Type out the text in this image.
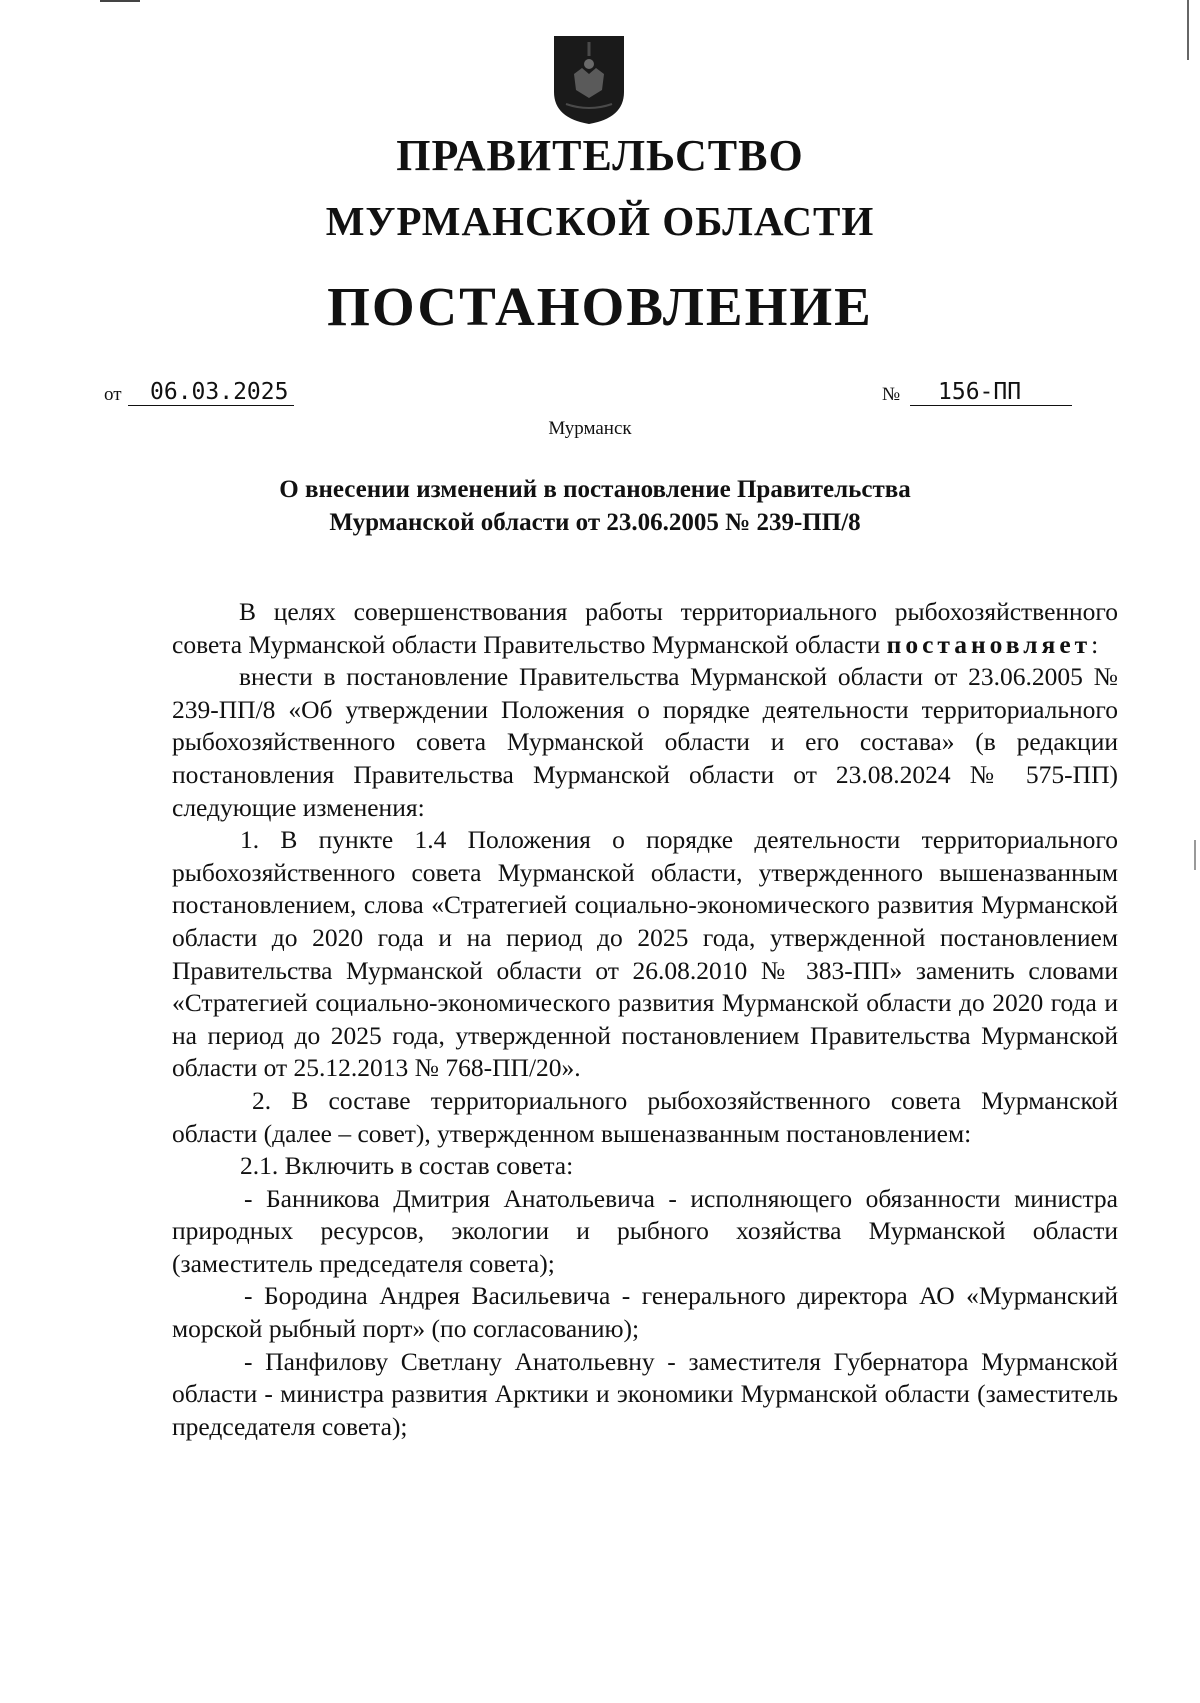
ПРАВИТЕЛЬСТВО
МУРМАНСКОЙ ОБЛАСТИ
ПОСТАНОВЛЕНИЕ
от	06.03.2025	№	156-ПП
Мурманск
О внесении изменений в постановление Правительства
Мурманской области от 23.06.2005 № 239-ПП/8

В целях совершенствования работы территориального рыбохозяйственного совета Мурманской области Правительство Мурманской области постановляет:

внести в постановление Правительства Мурманской области от 23.06.2005 № 239-ПП/8 «Об утверждении Положения о порядке деятельности территориального рыбохозяйственного совета Мурманской области и его состава» (в редакции постановления Правительства Мурманской области от 23.08.2024 № 575-ПП) следующие изменения:

1. В пункте 1.4 Положения о порядке деятельности территориального рыбохозяйственного совета Мурманской области, утвержденного вышеназванным постановлением, слова «Стратегией социально-экономического развития Мурманской области до 2020 года и на период до 2025 года, утвержденной постановлением Правительства Мурманской области от 26.08.2010 № 383-ПП» заменить словами «Стратегией социально-экономического развития Мурманской области до 2020 года и на период до 2025 года, утвержденной постановлением Правительства Мурманской области от 25.12.2013 № 768-ПП/20».

2. В составе территориального рыбохозяйственного совета Мурманской области (далее – совет), утвержденном вышеназванным постановлением:

2.1. Включить в состав совета:

- Банникова Дмитрия Анатольевича - исполняющего обязанности министра природных ресурсов, экологии и рыбного хозяйства Мурманской области (заместитель председателя совета);

- Бородина Андрея Васильевича - генерального директора АО «Мурманский морской рыбный порт» (по согласованию);

- Панфилову Светлану Анатольевну - заместителя Губернатора Мурманской области - министра развития Арктики и экономики Мурманской области (заместитель председателя совета);
